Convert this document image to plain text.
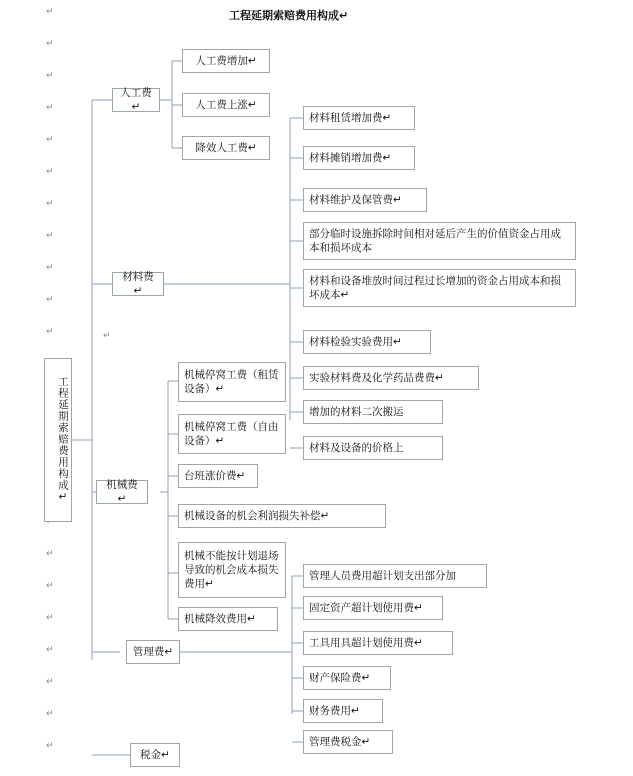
工程延期索赔费用构成↵
↵
↵
↵
↵
↵
↵
↵
↵
↵
↵
↵
↵
↵
↵
↵
↵
↵
↵
↵
工程延期索赔费用构成↵
人工费↵
材料费↵
机械费↵
管理费↵
税金↵
人工费增加↵
人工费上涨↵
降效人工费↵
材料租赁增加费↵
材料摊销增加费↵
材料维护及保管费↵
部分临时设施拆除时间相对延后产生的价值资金占用成本和损坏成本
材料和设备堆放时间过程过长增加的资金占用成本和损坏成本↵
材料检验实验费用↵
实验材料费及化学药品费费↵
增加的材料二次搬运
材料及设备的价格上
机械停窝工费（租赁设备）↵
机械停窝工费（自由设备）↵
台班涨价费↵
机械设备的机会利润损失补偿↵
机械不能按计划退场导致的机会成本损失费用↵
机械降效费用↵
管理人员费用超计划支出部分加
固定资产超计划使用费↵
工具用具超计划使用费↵
财产保险费↵
财务费用↵
管理费税金↵
